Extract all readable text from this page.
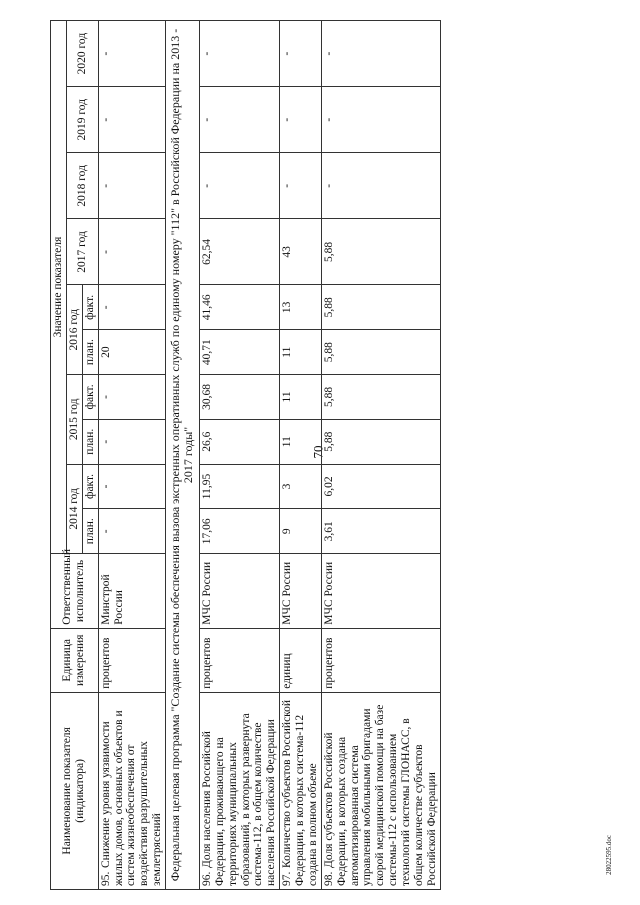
70
28022595.doc
Наименование показателя (индикатора)	Единица измерения	Ответственный исполнитель	Значение показателя									
			2014 год		2015 год		2016 год		2017 год	2018 год	2019 год	2020 год
			план.	факт.	план.	факт.	план.	факт.				
95.Снижение уровня уязвимости жилых домов, основных объектов и систем жизнеобеспечения от воздействия разрушительных землетрясений	процентов	Минстрой России	-	-	-	-	20	-	-	-	-	-
Федеральная целевая программа "Создание системы обеспечения вызова экстренных оперативных служб по единому номеру "112" в Российской Федерации на 2013 - 2017 годы"												
96.Доля населения Российской Федерации, проживающего на территориях муниципальных образований, в которых развернута система-112, в общем количестве населения Российской Федерации	процентов	МЧС России	17,06	11,95	26,6	30,68	40,71	41,46	62,54	-	-	-
97.Количество субъектов Российской Федерации, в которых система-112 создана в полном объеме	единиц	МЧС России	9	3	11	11	11	13	43	-	-	-
98.Доля субъектов Российской Федерации, в которых создана автоматизированная система управления мобильными бригадами скорой медицинской помощи на базе системы-112 с использованием технологий системы ГЛОНАСС, в общем количестве субъектов Российской Федерации	процентов	МЧС России	3,61	6,02	5,88	5,88	5,88	5,88	5,88	-	-	-
